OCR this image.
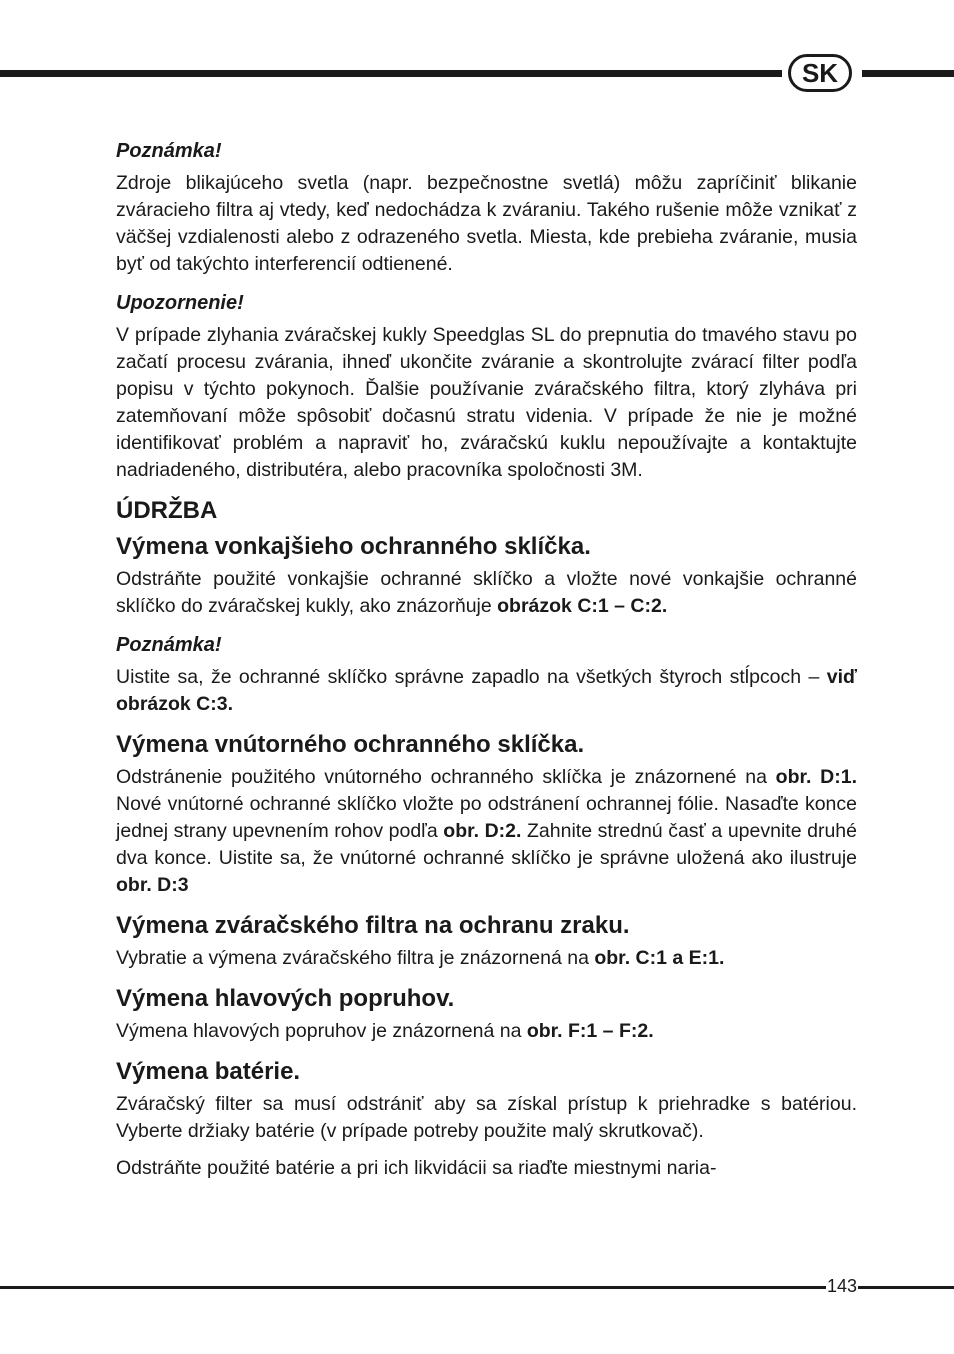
SK

Poznámka!

Zdroje blikajúceho svetla (napr. bezpečnostne svetlá) môžu zapríčiniť blikanie zváracieho filtra aj vtedy, keď nedochádza k zváraniu. Takého rušenie môže vznikať z väčšej vzdialenosti alebo z odrazeného svetla. Miesta, kde prebieha zváranie, musia byť od takýchto interferencií odtienené.

Upozornenie!

V prípade zlyhania zváračskej kukly Speedglas SL do prepnutia do tmavého stavu po začatí procesu zvárania, ihneď ukončite zváranie a skontrolujte zvárací filter podľa popisu v týchto pokynoch. Ďalšie používanie zváračského filtra, ktorý zlyháva pri zatemňovaní môže spôsobiť dočasnú stratu videnia. V prípade že nie je možné identifikovať problém a napraviť ho, zváračskú kuklu nepoužívajte a kontaktujte nadriadeného, distributéra, alebo pracovníka spoločnosti 3M.

ÚDRŽBA

Výmena vonkajšieho ochranného sklíčka.

Odstráňte použité vonkajšie ochranné sklíčko a vložte nové vonkajšie ochranné sklíčko do zváračskej kukly, ako znázorňuje obrázok C:1 – C:2.

Poznámka!

Uistite sa, že ochranné sklíčko správne zapadlo na všetkých štyroch stĺpcoch – viď obrázok C:3.

Výmena vnútorného ochranného sklíčka.

Odstránenie použitého vnútorného ochranného sklíčka je znázornené na obr. D:1. Nové vnútorné ochranné sklíčko vložte po odstránení ochrannej fólie. Nasaďte konce jednej strany upevnením rohov podľa obr. D:2. Zahnite strednú časť a upevnite druhé dva konce. Uistite sa, že vnútorné ochranné sklíčko je správne uložená ako ilustruje obr. D:3

Výmena zváračského filtra na ochranu zraku.

Vybratie a výmena zváračského filtra je znázornená na obr. C:1 a E:1.

Výmena hlavových popruhov.

Výmena hlavových popruhov je znázornená na obr. F:1 – F:2.

Výmena batérie.

Zváračský filter sa musí odstrániť aby sa získal prístup k priehradke s batériou. Vyberte držiaky batérie (v prípade potreby použite malý skrutkovač).

Odstráňte použité batérie a pri ich likvidácii sa riaďte miestnymi naria-

143
